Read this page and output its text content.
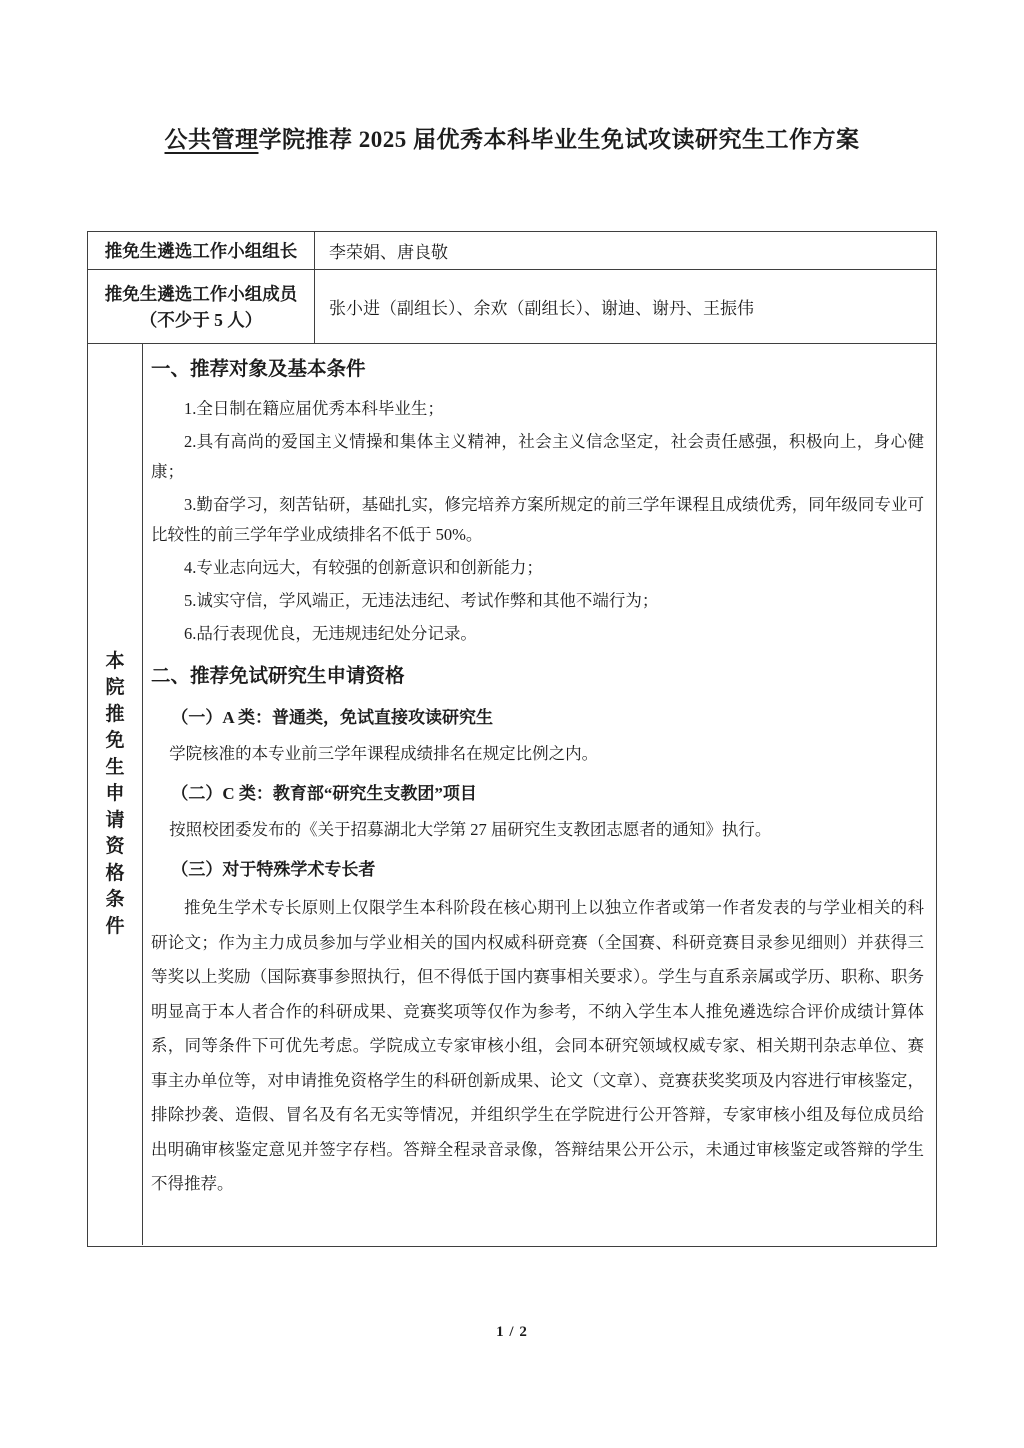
公共管理学院推荐 2025 届优秀本科毕业生免试攻读研究生工作方案
推免生遴选工作小组组长 李荣娟、唐良敬
推免生遴选工作小组成员
（不少于 5 人）
张小进（副组长）、余欢（副组长）、谢迪、谢丹、王振伟
本院推免生申请资格条件
一、推荐对象及基本条件

1.全日制在籍应届优秀本科毕业生；

2.具有高尚的爱国主义情操和集体主义精神，社会主义信念坚定，社会责任感强，积极向上，身心健康；

3.勤奋学习，刻苦钻研，基础扎实，修完培养方案所规定的前三学年课程且成绩优秀，同年级同专业可比较性的前三学年学业成绩排名不低于 50%。

4.专业志向远大，有较强的创新意识和创新能力；

5.诚实守信，学风端正，无违法违纪、考试作弊和其他不端行为；

6.品行表现优良，无违规违纪处分记录。

二、推荐免试研究生申请资格
（一）A 类：普通类，免试直接攻读研究生

学院核准的本专业前三学年课程成绩排名在规定比例之内。

（二）C 类：教育部“研究生支教团”项目

按照校团委发布的《关于招募湖北大学第 27 届研究生支教团志愿者的通知》执行。

（三）对于特殊学术专长者

推免生学术专长原则上仅限学生本科阶段在核心期刊上以独立作者或第一作者发表的与学业相关的科研论文；作为主力成员参加与学业相关的国内权威科研竞赛（全国赛、科研竞赛目录参见细则）并获得三等奖以上奖励（国际赛事参照执行，但不得低于国内赛事相关要求）。学生与直系亲属或学历、职称、职务明显高于本人者合作的科研成果、竞赛奖项等仅作为参考，不纳入学生本人推免遴选综合评价成绩计算体系，同等条件下可优先考虑。学院成立专家审核小组，会同本研究领域权威专家、相关期刊杂志单位、赛事主办单位等，对申请推免资格学生的科研创新成果、论文（文章）、竞赛获奖奖项及内容进行审核鉴定，排除抄袭、造假、冒名及有名无实等情况，并组织学生在学院进行公开答辩，专家审核小组及每位成员给出明确审核鉴定意见并签字存档。答辩全程录音录像，答辩结果公开公示，未通过审核鉴定或答辩的学生不得推荐。

1 / 2
